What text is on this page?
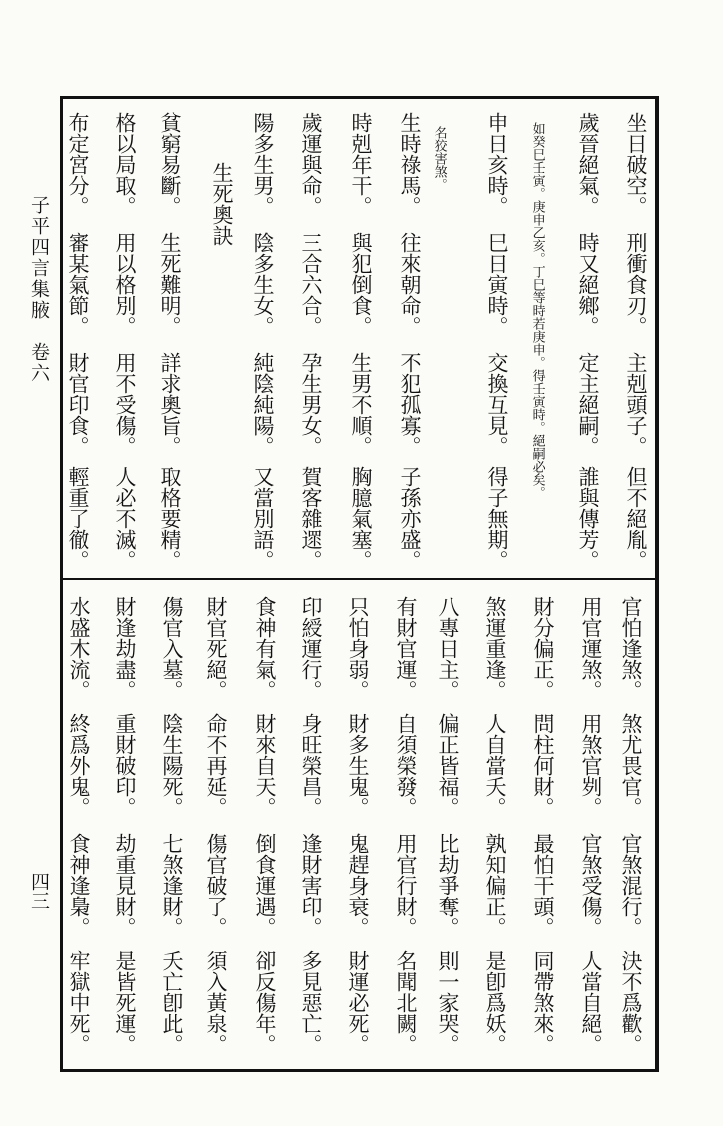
子平四言集腋　卷六
四三
坐日破空。
刑衝食刃。
主剋頭子。
但不絕胤。
歲晉絕氣。
時又絕鄉。
定主絕嗣。
誰與傳芳。
申日亥時。
巳日寅時。
交換互見。
得子無期。
生時祿馬。
往來朝命。
不犯孤寡。
子孫亦盛。
時剋年干。
與犯倒食。
生男不順。
胸臆氣塞。
歲運與命。
三合六合。
孕生男女。
賀客雜遝。
陽多生男。
陰多生女。
純陰純陽。
又當別語。
貧窮易斷。
生死難明。
詳求奧旨。
取格要精。
格以局取。
用以格別。
用不受傷。
人必不滅。
布定宮分。
審某氣節。
財官印食。
輕重了徹。
官怕逢煞。
煞尤畏官。
官煞混行。
決不爲歡。
用官運煞。
用煞官刿。
官煞受傷。
人當自絕。
財分偏正。
問柱何財。
最怕干頭。
同帶煞來。
煞運重逢。
人自當夭。
孰知偏正。
是卽爲妖。
八專日主。
偏正皆福。
比劫爭奪。
則一家哭。
有財官運。
自須榮發。
用官行財。
名聞北闕。
只怕身弱。
財多生鬼。
鬼趕身衰。
財運必死。
印綬運行。
身旺榮昌。
逢財害印。
多見惡亡。
食神有氣。
財來自天。
倒食運遇。
卻反傷年。
財官死絕。
命不再延。
傷官破了。
須入黃泉。
傷官入墓。
陰生陽死。
七煞逢財。
夭亡卽此。
財逢劫盡。
重財破印。
劫重見財。
是皆死運。
水盛木流。
終爲外鬼。
食神逢梟。
牢獄中死。
如癸巳壬寅。庚申乙亥。丁巳等時若庚申。得壬寅時。絕嗣必矣。
名狡害煞。
生死奧訣
